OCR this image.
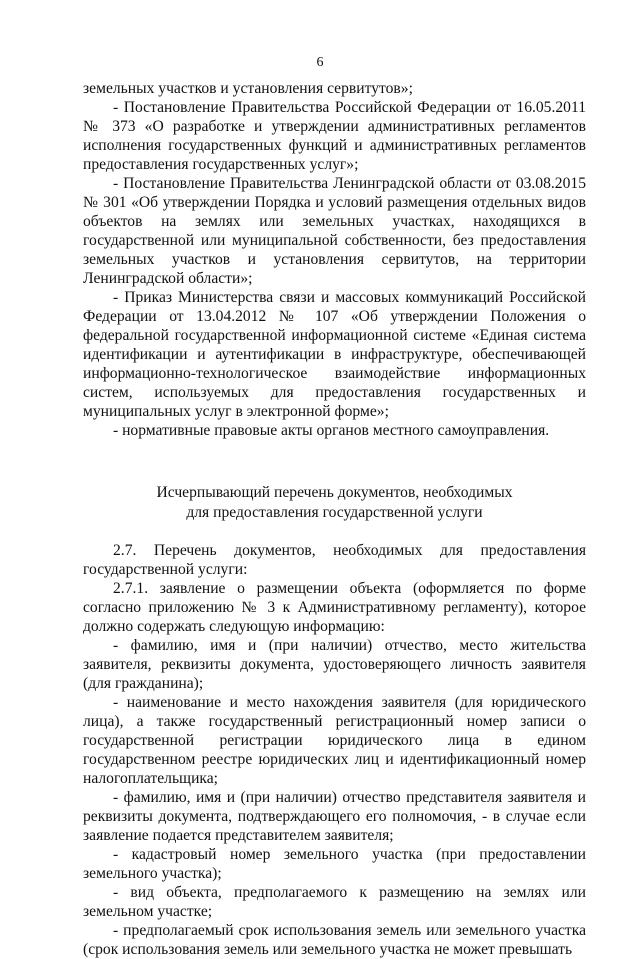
6

земельных участков и установления сервитутов»;

- Постановление Правительства Российской Федерации от 16.05.2011 № 373 «О разработке и утверждении административных регламентов исполнения государственных функций и административных регламентов предоставления государственных услуг»;

- Постановление Правительства Ленинградской области от 03.08.2015 № 301 «Об утверждении Порядка и условий размещения отдельных видов объектов на землях или земельных участках, находящихся в государственной или муниципальной собственности, без предоставления земельных участков и установления сервитутов, на территории Ленинградской области»;

- Приказ Министерства связи и массовых коммуникаций Российской Федерации от 13.04.2012 № 107 «Об утверждении Положения о федеральной государственной информационной системе «Единая система идентификации и аутентификации в инфраструктуре, обеспечивающей информационно-технологическое взаимодействие информационных систем, используемых для предоставления государственных и муниципальных услуг в электронной форме»;

- нормативные правовые акты органов местного самоуправления.

Исчерпывающий перечень документов, необходимых
для предоставления государственной услуги

2.7. Перечень документов, необходимых для предоставления государственной услуги:

2.7.1. заявление о размещении объекта (оформляется по форме согласно приложению № 3 к Административному регламенту), которое должно содержать следующую информацию:

- фамилию, имя и (при наличии) отчество, место жительства заявителя, реквизиты документа, удостоверяющего личность заявителя (для гражданина);

- наименование и место нахождения заявителя (для юридического лица), а также государственный регистрационный номер записи о государственной регистрации юридического лица в едином государственном реестре юридических лиц и идентификационный номер налогоплательщика;

- фамилию, имя и (при наличии) отчество представителя заявителя и реквизиты документа, подтверждающего его полномочия, - в случае если заявление подается представителем заявителя;

- кадастровый номер земельного участка (при предоставлении земельного участка);

- вид объекта, предполагаемого к размещению на землях или земельном участке;

- предполагаемый срок использования земель или земельного участка (срок использования земель или земельного участка не может превышать
